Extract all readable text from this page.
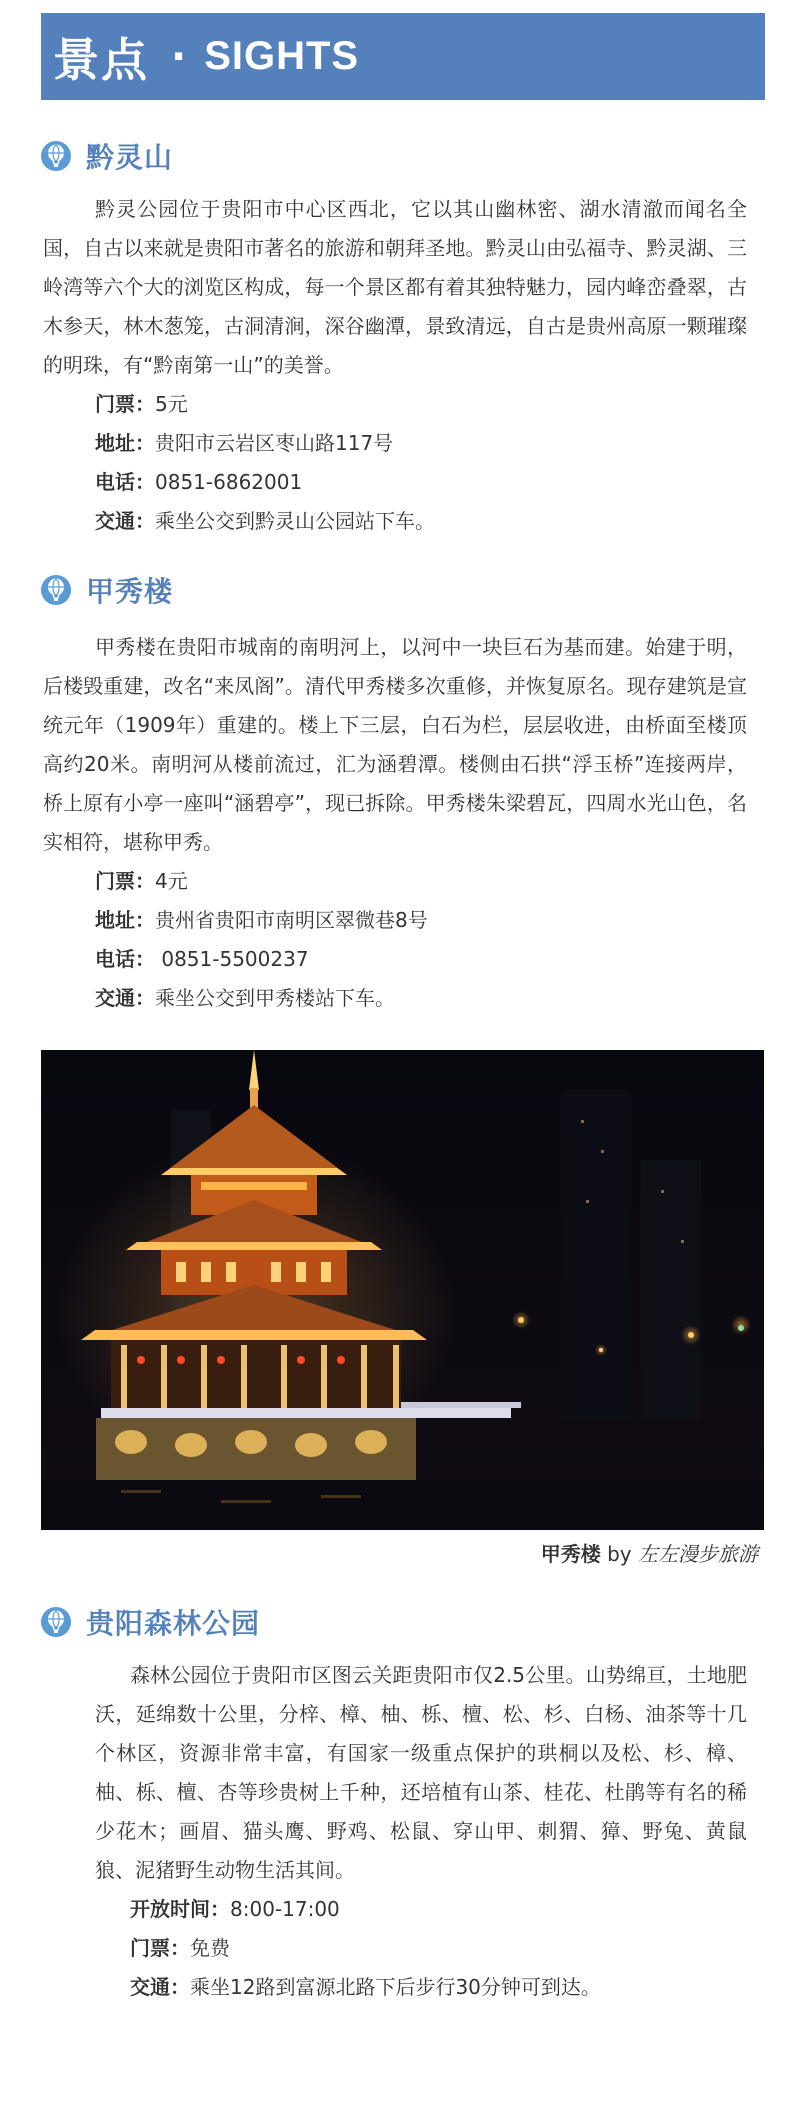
景点 · SIGHTS
黔灵山

黔灵公园位于贵阳市中心区西北，它以其山幽林密、湖水清澈而闻名全国，自古以来就是贵阳市著名的旅游和朝拜圣地。黔灵山由弘福寺、黔灵湖、三岭湾等六个大的浏览区构成，每一个景区都有着其独特魅力，园内峰峦叠翠，古木参天，林木葱笼，古洞清涧，深谷幽潭，景致清远，自古是贵州高原一颗璀璨的明珠，有“黔南第一山”的美誉。

门票：5元
地址：贵阳市云岩区枣山路117号
电话：0851-6862001
交通：乘坐公交到黔灵山公园站下车。
甲秀楼

甲秀楼在贵阳市城南的南明河上，以河中一块巨石为基而建。始建于明，后楼毁重建，改名“来凤阁”。清代甲秀楼多次重修，并恢复原名。现存建筑是宣统元年（1909年）重建的。楼上下三层，白石为栏，层层收进，由桥面至楼顶高约20米。南明河从楼前流过，汇为涵碧潭。楼侧由石拱“浮玉桥”连接两岸，桥上原有小亭一座叫“涵碧亭”，现已拆除。甲秀楼朱梁碧瓦，四周水光山色，名实相符，堪称甲秀。

门票：4元
地址：贵州省贵阳市南明区翠微巷8号
电话： 0851-5500237
交通：乘坐公交到甲秀楼站下车。
甲秀楼 by 左左漫步旅游
贵阳森林公园

森林公园位于贵阳市区图云关距贵阳市仅2.5公里。山势绵亘，土地肥沃，延绵数十公里，分梓、樟、柚、栎、檀、松、杉、白杨、油茶等十几个林区，资源非常丰富，有国家一级重点保护的珙桐以及松、杉、樟、柚、栎、檀、杏等珍贵树上千种，还培植有山茶、桂花、杜鹃等有名的稀少花木；画眉、猫头鹰、野鸡、松鼠、穿山甲、刺猬、獐、野兔、黄鼠狼、泥猪野生动物生活其间。

开放时间：8:00-17:00
门票：免费
交通：乘坐12路到富源北路下后步行30分钟可到达。
